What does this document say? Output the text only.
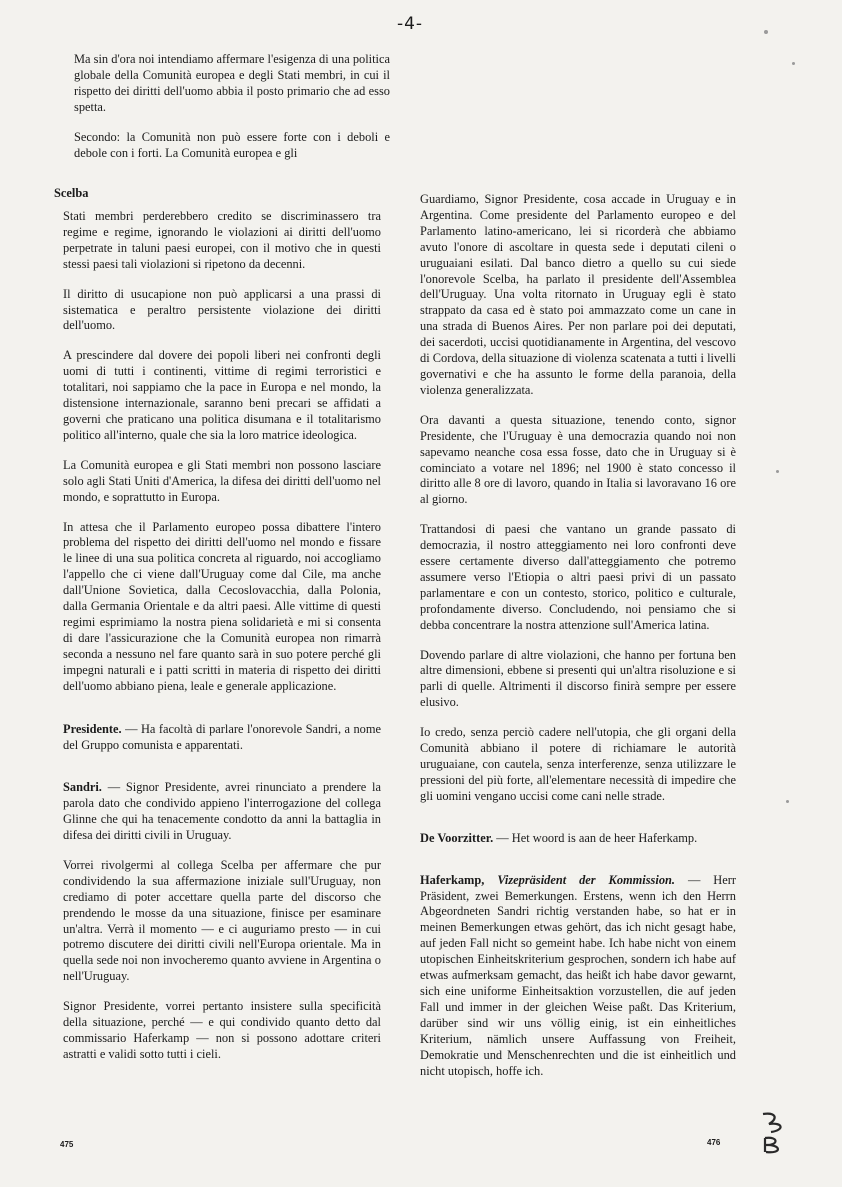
-4-

Ma sin d'ora noi intendiamo affermare l'esigenza di una politica globale della Comunità europea e degli Stati membri, in cui il rispetto dei diritti dell'uomo abbia il posto primario che ad esso spetta.

Secondo: la Comunità non può essere forte con i deboli e debole con i forti. La Comunità europea e gli

Scelba

Stati membri perderebbero credito se discriminassero tra regime e regime, ignorando le violazioni ai diritti dell'uomo perpetrate in taluni paesi europei, con il motivo che in questi stessi paesi tali violazioni si ripetono da decenni.

Il diritto di usucapione non può applicarsi a una prassi di sistematica e peraltro persistente violazione dei diritti dell'uomo.

A prescindere dal dovere dei popoli liberi nei confronti degli uomi di tutti i continenti, vittime di regimi terroristici e totalitari, noi sappiamo che la pace in Europa e nel mondo, la distensione internazionale, saranno beni precari se affidati a governi che praticano una politica disumana e il totalitarismo politico all'interno, quale che sia la loro matrice ideologica.

La Comunità europea e gli Stati membri non possono lasciare solo agli Stati Uniti d'America, la difesa dei diritti dell'uomo nel mondo, e soprattutto in Europa.

In attesa che il Parlamento europeo possa dibattere l'intero problema del rispetto dei diritti dell'uomo nel mondo e fissare le linee di una sua politica concreta al riguardo, noi accogliamo l'appello che ci viene dall'Uruguay come dal Cile, ma anche dall'Unione Sovietica, dalla Cecoslovacchia, dalla Polonia, dalla Germania Orientale e da altri paesi. Alle vittime di questi regimi esprimiamo la nostra piena solidarietà e mi si consenta di dare l'assicurazione che la Comunità europea non rimarrà seconda a nessuno nel fare quanto sarà in suo potere perché gli impegni naturali e i patti scritti in materia di rispetto dei diritti dell'uomo abbiano piena, leale e generale applicazione.

Presidente. — Ha facoltà di parlare l'onorevole Sandri, a nome del Gruppo comunista e apparentati.

Sandri. — Signor Presidente, avrei rinunciato a prendere la parola dato che condivido appieno l'interrogazione del collega Glinne che qui ha tenacemente condotto da anni la battaglia in difesa dei diritti civili in Uruguay.

Vorrei rivolgermi al collega Scelba per affermare che pur condividendo la sua affermazione iniziale sull'Uruguay, non crediamo di poter accettare quella parte del discorso che prendendo le mosse da una situazione, finisce per esaminare un'altra. Verrà il momento — e ci auguriamo presto — in cui potremo discutere dei diritti civili nell'Europa orientale. Ma in quella sede noi non invocheremo quanto avviene in Argentina o nell'Uruguay.

Signor Presidente, vorrei pertanto insistere sulla specificità della situazione, perché — e qui condivido quanto detto dal commissario Haferkamp — non si possono adottare criteri astratti e validi sotto tutti i cieli.

Guardiamo, Signor Presidente, cosa accade in Uruguay e in Argentina. Come presidente del Parlamento europeo e del Parlamento latino-americano, lei si ricorderà che abbiamo avuto l'onore di ascoltare in questa sede i deputati cileni o uruguaiani esilati. Dal banco dietro a quello su cui siede l'onorevole Scelba, ha parlato il presidente dell'Assemblea dell'Uruguay. Una volta ritornato in Uruguay egli è stato strappato da casa ed è stato poi ammazzato come un cane in una strada di Buenos Aires. Per non parlare poi dei deputati, dei sacerdoti, uccisi quotidianamente in Argentina, del vescovo di Cordova, della situazione di violenza scatenata a tutti i livelli governativi e che ha assunto le forme della paranoia, della violenza generalizzata.

Ora davanti a questa situazione, tenendo conto, signor Presidente, che l'Uruguay è una democrazia quando noi non sapevamo neanche cosa essa fosse, dato che in Uruguay si è cominciato a votare nel 1896; nel 1900 è stato concesso il diritto alle 8 ore di lavoro, quando in Italia si lavoravano 16 ore al giorno.

Trattandosi di paesi che vantano un grande passato di democrazia, il nostro atteggiamento nei loro confronti deve essere certamente diverso dall'atteggiamento che potremo assumere verso l'Etiopia o altri paesi privi di un passato parlamentare e con un contesto, storico, politico e culturale, profondamente diverso. Concludendo, noi pensiamo che si debba concentrare la nostra attenzione sull'America latina.

Dovendo parlare di altre violazioni, che hanno per fortuna ben altre dimensioni, ebbene si presenti qui un'altra risoluzione e si parli di quelle. Altrimenti il discorso finirà sempre per essere elusivo.

Io credo, senza perciò cadere nell'utopia, che gli organi della Comunità abbiano il potere di richiamare le autorità uruguaiane, con cautela, senza interferenze, senza utilizzare le pressioni del più forte, all'elementare necessità di impedire che gli uomini vengano uccisi come cani nelle strade.

De Voorzitter. — Het woord is aan de heer Haferkamp.

Haferkamp, Vizepräsident der Kommission. — Herr Präsident, zwei Bemerkungen. Erstens, wenn ich den Herrn Abgeordneten Sandri richtig verstanden habe, so hat er in meinen Bemerkungen etwas gehört, das ich nicht gesagt habe, auf jeden Fall nicht so gemeint habe. Ich habe nicht von einem utopischen Einheitskriterium gesprochen, sondern ich habe auf etwas aufmerksam gemacht, das heißt ich habe davor gewarnt, sich eine uniforme Einheitsaktion vorzustellen, die auf jeden Fall und immer in der gleichen Weise paßt. Das Kriterium, darüber sind wir uns völlig einig, ist ein einheitliches Kriterium, nämlich unsere Auffassung von Freiheit, Demokratie und Menschenrechten und die ist einheitlich und nicht utopisch, hoffe ich.

475	476
